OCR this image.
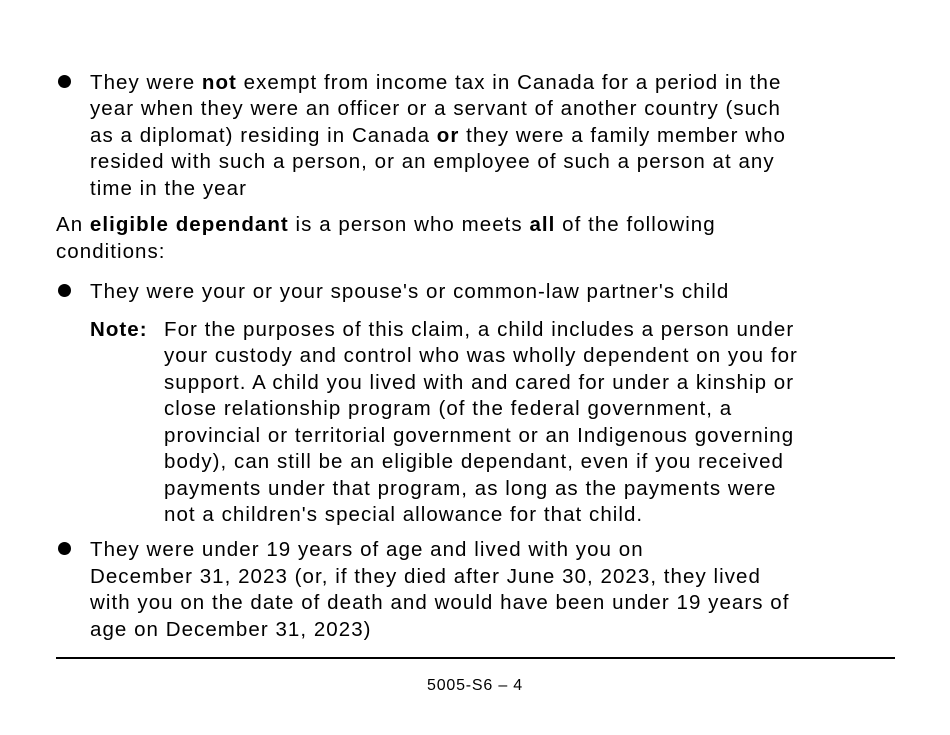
They were not exempt from income tax in Canada for a period in the
year when they were an officer or a servant of another country (such
as a diplomat) residing in Canada or they were a family member who
resided with such a person, or an employee of such a person at any
time in the year
An eligible dependant is a person who meets all of the following
conditions:
They were your or your spouse's or common-law partner's child
Note: For the purposes of this claim, a child includes a person under
your custody and control who was wholly dependent on you for
support. A child you lived with and cared for under a kinship or
close relationship program (of the federal government, a
provincial or territorial government or an Indigenous governing
body), can still be an eligible dependant, even if you received
payments under that program, as long as the payments were
not a children's special allowance for that child.
They were under 19 years of age and lived with you on
December 31, 2023 (or, if they died after June 30, 2023, they lived
with you on the date of death and would have been under 19 years of
age on December 31, 2023)
5005-S6 – 4
